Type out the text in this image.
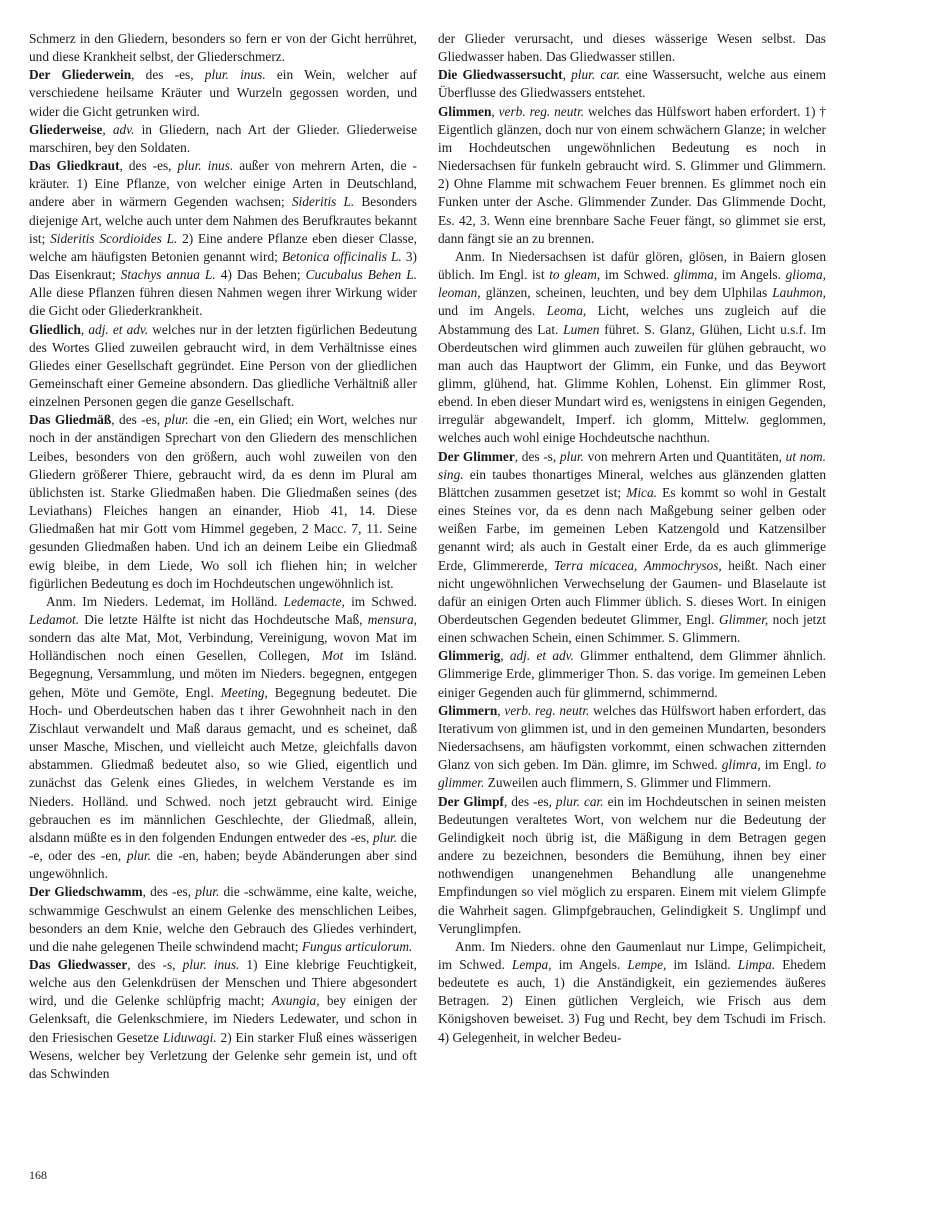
Schmerz in den Gliedern, besonders so fern er von der Gicht herrühret, und diese Krankheit selbst, der Gliederschmerz.

Der Gliederwein, des -es, plur. inus. ein Wein, welcher auf verschiedene heilsame Kräuter und Wurzeln gegossen worden, und wider die Gicht getrunken wird.

Gliederweise, adv. in Gliedern, nach Art der Glieder. Gliederweise marschiren, bey den Soldaten.

Das Gliedkraut, des -es, plur. inus. außer von mehrern Arten, die -kräuter. 1) Eine Pflanze, von welcher einige Arten in Deutschland, andere aber in wärmern Gegenden wachsen; Sideritis L. Besonders diejenige Art, welche auch unter dem Nahmen des Berufkrautes bekannt ist; Sideritis Scordioides L. 2) Eine andere Pflanze eben dieser Classe, welche am häufigsten Betonien genannt wird; Betonica officinalis L. 3) Das Eisenkraut; Stachys annua L. 4) Das Behen; Cucubalus Behen L. Alle diese Pflanzen führen diesen Nahmen wegen ihrer Wirkung wider die Gicht oder Gliederkrankheit.

Gliedlich, adj. et adv. welches nur in der letzten figürlichen Bedeutung des Wortes Glied zuweilen gebraucht wird, in dem Verhältnisse eines Gliedes einer Gesellschaft gegründet. Eine Person von der gliedlichen Gemeinschaft einer Gemeine absondern. Das gliedliche Verhältniß aller einzelnen Personen gegen die ganze Gesellschaft.

Das Gliedmäß, des -es, plur. die -en, ein Glied; ein Wort, welches nur noch in der anständigen Sprechart von den Gliedern des menschlichen Leibes, besonders von den größern, auch wohl zuweilen von den Gliedern größerer Thiere, gebraucht wird, da es denn im Plural am üblichsten ist. Starke Gliedmaßen haben. Die Gliedmaßen seines (des Leviathans) Fleiches hangen an einander, Hiob 41, 14. Diese Gliedmaßen hat mir Gott vom Himmel gegeben, 2 Macc. 7, 11. Seine gesunden Gliedmaßen haben. Und ich an deinem Leibe ein Gliedmaß ewig bleibe, in dem Liede, Wo soll ich fliehen hin; in welcher figürlichen Bedeutung es doch im Hochdeutschen ungewöhnlich ist.

Anm. Im Nieders. Ledemat, im Holländ. Ledemacte, im Schwed. Ledamot. Die letzte Hälfte ist nicht das Hochdeutsche Maß, mensura, sondern das alte Mat, Mot, Verbindung, Vereinigung, wovon Mat im Holländischen noch einen Gesellen, Collegen, Mot im Isländ. Begegnung, Versammlung, und möten im Nieders. begegnen, entgegen gehen, Möte und Gemöte, Engl. Meeting, Begegnung bedeutet. Die Hoch- und Oberdeutschen haben das t ihrer Gewohnheit nach in den Zischlaut verwandelt und Maß daraus gemacht, und es scheinet, daß unser Masche, Mischen, und vielleicht auch Metze, gleichfalls davon abstammen. Gliedmaß bedeutet also, so wie Glied, eigentlich und zunächst das Gelenk eines Gliedes, in welchem Verstande es im Nieders. Holländ. und Schwed. noch jetzt gebraucht wird. Einige gebrauchen es im männlichen Geschlechte, der Gliedmaß, allein, alsdann müßte es in den folgenden Endungen entweder des -es, plur. die -e, oder des -en, plur. die -en, haben; beyde Abänderungen aber sind ungewöhnlich.

Der Gliedschwamm, des -es, plur. die -schwämme, eine kalte, weiche, schwammige Geschwulst an einem Gelenke des menschlichen Leibes, besonders an dem Knie, welche den Gebrauch des Gliedes verhindert, und die nahe gelegenen Theile schwindend macht; Fungus articulorum.

Das Gliedwasser, des -s, plur. inus. 1) Eine klebrige Feuchtigkeit, welche aus den Gelenkdrüsen der Menschen und Thiere abgesondert wird, und die Gelenke schlüpfrig macht; Axungia, bey einigen der Gelenksaft, die Gelenkschmiere, im Nieders Ledewater, und schon in den Friesischen Gesetze Liduwagi. 2) Ein starker Fluß eines wässerigen Wesens, welcher bey Verletzung der Gelenke sehr gemein ist, und oft das Schwinden

der Glieder verursacht, und dieses wässerige Wesen selbst. Das Gliedwasser haben. Das Gliedwasser stillen.

Die Gliedwassersucht, plur. car. eine Wassersucht, welche aus einem Überflusse des Gliedwassers entstehet.

Glimmen, verb. reg. neutr. welches das Hülfswort haben erfordert. 1) † Eigentlich glänzen, doch nur von einem schwächern Glanze; in welcher im Hochdeutschen ungewöhnlichen Bedeutung es noch in Niedersachsen für funkeln gebraucht wird. S. Glimmer und Glimmern. 2) Ohne Flamme mit schwachem Feuer brennen. Es glimmet noch ein Funken unter der Asche. Glimmender Zunder. Das Glimmende Docht, Es. 42, 3. Wenn eine brennbare Sache Feuer fängt, so glimmet sie erst, dann fängt sie an zu brennen.

Anm. In Niedersachsen ist dafür glören, glösen, in Baiern glosen üblich. Im Engl. ist to gleam, im Schwed. glimma, im Angels. glioma, leoman, glänzen, scheinen, leuchten, und bey dem Ulphilas Lauhmon, und im Angels. Leoma, Licht, welches uns zugleich auf die Abstammung des Lat. Lumen führet. S. Glanz, Glühen, Licht u.s.f. Im Oberdeutschen wird glimmen auch zuweilen für glühen gebraucht, wo man auch das Hauptwort der Glimm, ein Funke, und das Beywort glimm, glühend, hat. Glimme Kohlen, Lohenst. Ein glimmer Rost, ebend. In eben dieser Mundart wird es, wenigstens in einigen Gegenden, irregulär abgewandelt, Imperf. ich glomm, Mittelw. geglommen, welches auch wohl einige Hochdeutsche nachthun.

Der Glimmer, des -s, plur. von mehrern Arten und Quantitäten, ut nom. sing. ein taubes thonartiges Mineral, welches aus glänzenden glatten Blättchen zusammen gesetzet ist; Mica. Es kommt so wohl in Gestalt eines Steines vor, da es denn nach Maßgebung seiner gelben oder weißen Farbe, im gemeinen Leben Katzengold und Katzensilber genannt wird; als auch in Gestalt einer Erde, da es auch glimmerige Erde, Glimmererde, Terra micacea, Ammochrysos, heißt. Nach einer nicht ungewöhnlichen Verwechselung der Gaumen- und Blaselaute ist dafür an einigen Orten auch Flimmer üblich. S. dieses Wort. In einigen Oberdeutschen Gegenden bedeutet Glimmer, Engl. Glimmer, noch jetzt einen schwachen Schein, einen Schimmer. S. Glimmern.

Glimmerig, adj. et adv. Glimmer enthaltend, dem Glimmer ähnlich. Glimmerige Erde, glimmeriger Thon. S. das vorige. Im gemeinen Leben einiger Gegenden auch für glimmernd, schimmernd.

Glimmern, verb. reg. neutr. welches das Hülfswort haben erfordert, das Iterativum von glimmen ist, und in den gemeinen Mundarten, besonders Niedersachsens, am häufigsten vorkommt, einen schwachen zitternden Glanz von sich geben. Im Dän. glimre, im Schwed. glimra, im Engl. to glimmer. Zuweilen auch flimmern, S. Glimmer und Flimmern.

Der Glimpf, des -es, plur. car. ein im Hochdeutschen in seinen meisten Bedeutungen veraltetes Wort, von welchem nur die Bedeutung der Gelindigkeit noch übrig ist, die Mäßigung in dem Betragen gegen andere zu bezeichnen, besonders die Bemühung, ihnen bey einer nothwendigen unangenehmen Behandlung alle unangenehme Empfindungen so viel möglich zu ersparen. Einem mit vielem Glimpfe die Wahrheit sagen. Glimpfgebrauchen, Gelindigkeit S. Unglimpf und Verunglimpfen.

Anm. Im Nieders. ohne den Gaumenlaut nur Limpe, Gelimpicheit, im Schwed. Lempa, im Angels. Lempe, im Isländ. Limpa. Ehedem bedeutete es auch, 1) die Anständigkeit, ein geziemendes äußeres Betragen. 2) Einen gütlichen Vergleich, wie Frisch aus dem Königshoven beweiset. 3) Fug und Recht, bey dem Tschudi im Frisch. 4) Gelegenheit, in welcher Bedeu-

168
